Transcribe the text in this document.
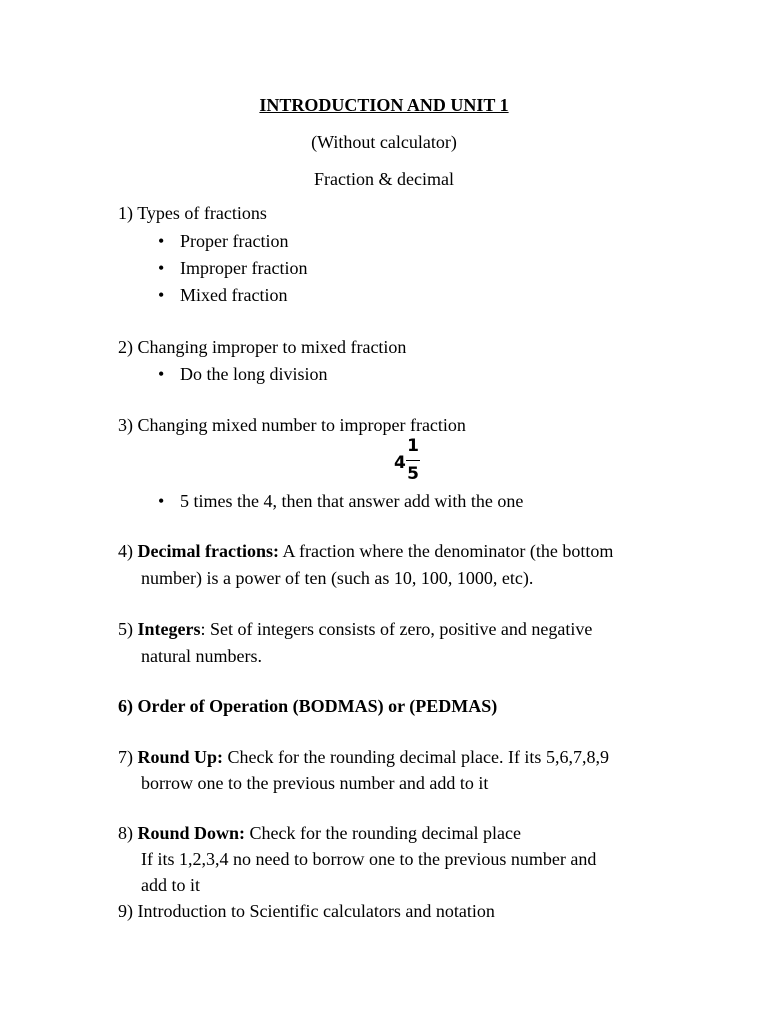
INTRODUCTION AND UNIT 1
(Without calculator)
Fraction & decimal
1) Types of fractions
• Proper fraction
• Improper fraction
• Mixed fraction
2) Changing improper to mixed fraction
• Do the long division
3) Changing mixed number to improper fraction
4
1
5
• 5 times the 4, then that answer add with the one
4) Decimal fractions: A fraction where the denominator (the bottom
number) is a power of ten (such as 10, 100, 1000, etc).
5) Integers: Set of integers consists of zero, positive and negative
natural numbers.
6) Order of Operation (BODMAS) or (PEDMAS)
7) Round Up: Check for the rounding decimal place. If its 5,6,7,8,9
borrow one to the previous number and add to it
8) Round Down: Check for the rounding decimal place
If its 1,2,3,4 no need to borrow one to the previous number and
add to it
9) Introduction to Scientific calculators and notation
